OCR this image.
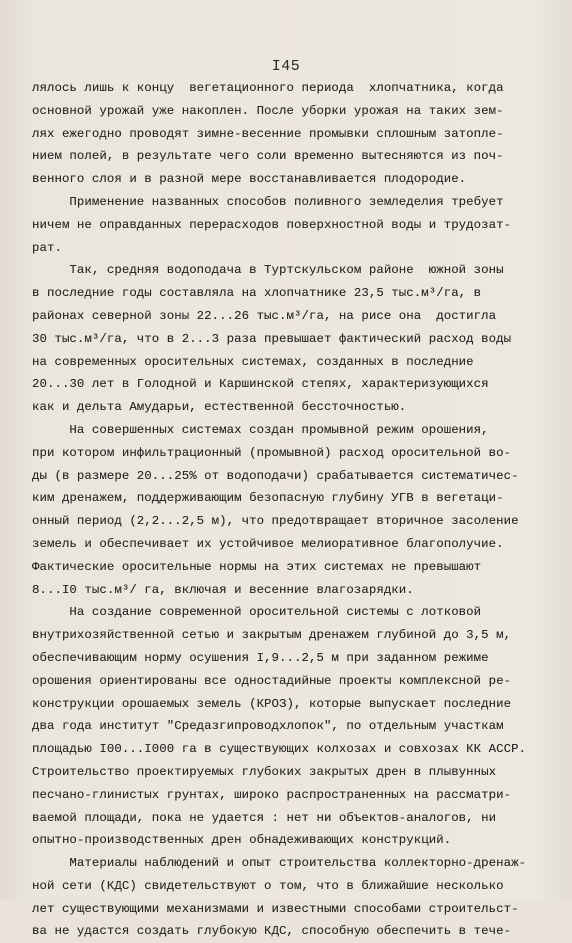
I45
лялось лишь к концу  вегетационного периода  хлопчатника, когда
основной урожай уже накоплен. После уборки урожая на таких зем-
лях ежегодно проводят зимне-весенние промывки сплошным затопле-
нием полей, в результате чего соли временно вытесняются из поч-
венного слоя и в разной мере восстанавливается плодородие.
Применение названных способов поливного земледелия требует
ничем не оправданных перерасходов поверхностной воды и трудозат-
рат.
Так, средняя водоподача в Туртскульском районе  южной зоны
в последние годы составляла на хлопчатнике 23,5 тыс.м³/га, в
районах северной зоны 22...26 тыс.м³/га, на рисе она  достигла
30 тыс.м³/га, что в 2...3 раза превышает фактический расход воды
на современных оросительных системах, созданных в последние
20...30 лет в Голодной и Каршинской степях, характеризующихся
как и дельта Амударьи, естественной бессточностью.
На совершенных системах создан промывной режим орошения,
при котором инфильтрационный (промывной) расход оросительной во-
ды (в размере 20...25% от водоподачи) срабатывается систематичес-
ким дренажем, поддерживающим безопасную глубину УГВ в вегетаци-
онный период (2,2...2,5 м), что предотвращает вторичное засоление
земель и обеспечивает их устойчивое мелиоративное благополучие.
Фактические оросительные нормы на этих системах не превышают
8...I0 тыс.м³/ га, включая и весенние влагозарядки.
На создание современной оросительной системы с лотковой
внутрихозяйственной сетью и закрытым дренажем глубиной до 3,5 м,
обеспечивающим норму осушения I,9...2,5 м при заданном режиме
орошения ориентированы все одностадийные проекты комплексной ре-
конструкции орошаемых земель (КРОЗ), которые выпускает последние
два года институт "Средазгипроводхлопок", по отдельным участкам
площадью I00...I000 га в существующих колхозах и совхозах КК АССР.
Строительство проектируемых глубоких закрытых дрен в плывунных
песчано-глинистых грунтах, широко распространенных на рассматри-
ваемой площади, пока не удается : нет ни объектов-аналогов, ни
опытно-производственных дрен обнадеживающих конструкций.
Материалы наблюдений и опыт строительства коллекторно-дренаж-
ной сети (КДС) свидетельствуют о том, что в ближайшие несколько
лет существующими механизмами и известными способами строительст-
ва не удастся создать глубокую КДС, способную обеспечить в тече-
